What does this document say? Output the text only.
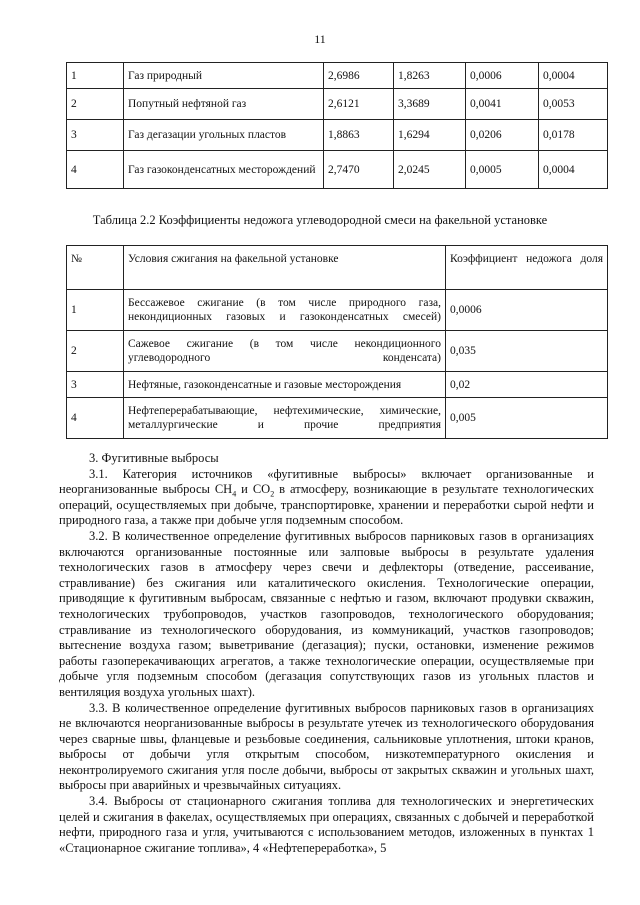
11
1	Газ природный	2,6986	1,8263	0,0006	0,0004
2	Попутный нефтяной газ	2,6121	3,3689	0,0041	0,0053
3	Газ дегазации угольных пластов	1,8863	1,6294	0,0206	0,0178
4	Газ газоконденсатных месторождений	2,7470	2,0245	0,0005	0,0004
Таблица 2.2 Коэффициенты недожога углеводородной смеси на факельной установке
№	Условия сжигания на факельной установке	Коэффициент недожога доля
1	Бессажевое сжигание (в том числе природного газа, некондиционных газовых и газоконденсатных смесей)	0,0006
2	Сажевое сжигание (в том числе некондиционного углеводородного конденсата)	0,035
3	Нефтяные, газоконденсатные и газовые месторождения	0,02
4	Нефтеперерабатывающие, нефтехимические, химические, металлургические и прочие предприятия	0,005

3. Фугитивные выбросы

3.1. Категория источников «фугитивные выбросы» включает организованные и неорганизованные выбросы $CH_4$ и $CO_2$ в атмосферу, возникающие в результате технологических операций, осуществляемых при добыче, транспортировке, хранении и переработки сырой нефти и природного газа, а также при добыче угля подземным способом.

3.2. В количественное определение фугитивных выбросов парниковых газов в организациях включаются организованные постоянные или залповые выбросы в результате удаления технологических газов в атмосферу через свечи и дефлекторы (отведение, рассеивание, стравливание) без сжигания или каталитического окисления. Технологические операции, приводящие к фугитивным выбросам, связанные с нефтью и газом, включают продувки скважин, технологических трубопроводов, участков газопроводов, технологического оборудования; стравливание из технологического оборудования, из коммуникаций, участков газопроводов; вытеснение воздуха газом; выветривание (дегазация); пуски, остановки, изменение режимов работы газоперекачивающих агрегатов, а также технологические операции, осуществляемые при добыче угля подземным способом (дегазация сопутствующих газов из угольных пластов и вентиляция воздуха угольных шахт).

3.3. В количественное определение фугитивных выбросов парниковых газов в организациях не включаются неорганизованные выбросы в результате утечек из технологического оборудования через сварные швы, фланцевые и резьбовые соединения, сальниковые уплотнения, штоки кранов, выбросы от добычи угля открытым способом, низкотемпературного окисления и неконтролируемого сжигания угля после добычи, выбросы от закрытых скважин и угольных шахт, выбросы при аварийных и чрезвычайных ситуациях.

3.4. Выбросы от стационарного сжигания топлива для технологических и энергетических целей и сжигания в факелах, осуществляемых при операциях, связанных с добычей и переработкой нефти, природного газа и угля, учитываются с использованием методов, изложенных в пунктах 1 «Стационарное сжигание топлива», 4 «Нефтепереработка», 5
